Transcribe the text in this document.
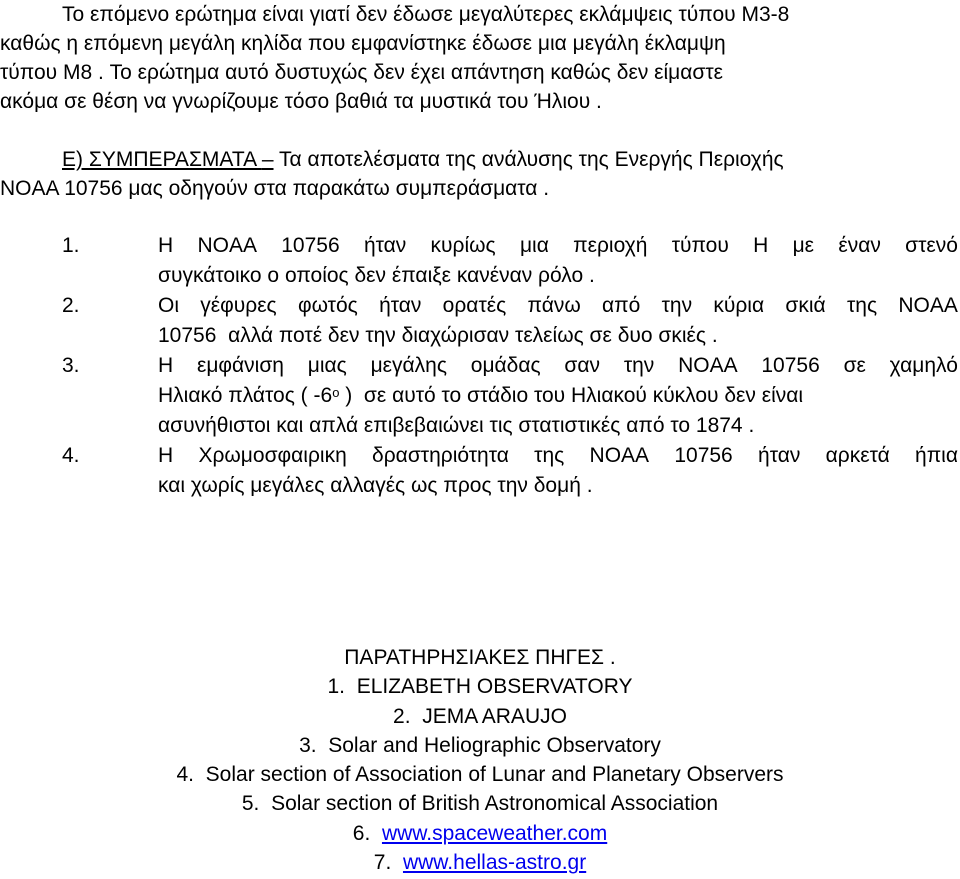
Το επόμενο ερώτημα είναι γιατί δεν έδωσε μεγαλύτερες εκλάμψεις τύπου M3-8
καθώς η επόμενη μεγάλη κηλίδα που εμφανίστηκε έδωσε μια μεγάλη έκλαμψη
τύπου M8 . Το ερώτημα αυτό δυστυχώς δεν έχει απάντηση καθώς δεν είμαστε
ακόμα σε θέση να γνωρίζουμε τόσο βαθιά τα μυστικά του Ήλιου .
Ε) ΣΥΜΠΕΡΑΣΜΑΤΑ – Τα αποτελέσματα της ανάλυσης της Ενεργής Περιοχής
NOAA 10756 μας οδηγούν στα παρακάτω συμπεράσματα .
1.	Η NOAA 10756 ήταν κυρίως μια περιοχή τύπου H με έναν στενό
συγκάτοικο ο οποίος δεν έπαιξε κανέναν ρόλο .
2.	Οι γέφυρες φωτός ήταν ορατές πάνω από την κύρια σκιά της NOAA
10756  αλλά ποτέ δεν την διαχώρισαν τελείως σε δυο σκιές .
3.	Η εμφάνιση μιας μεγάλης ομάδας σαν την NOAA 10756 σε χαμηλό
Ηλιακό πλάτος ( $-6^o$ )  σε αυτό το στάδιο του Ηλιακού κύκλου δεν είναι
ασυνήθιστοι και απλά επιβεβαιώνει τις στατιστικές από το 1874 .
4.	Η Χρωμοσφαιρικη δραστηριότητα της NOAA 10756 ήταν αρκετά ήπια
και χωρίς μεγάλες αλλαγές ως προς την δομή .
ΠΑΡΑΤΗΡΗΣΙΑΚΕΣ ΠΗΓΕΣ .
1.  ELIZABETH OBSERVATORY
2.  JEMA ARAUJO
3.  Solar and Heliographic Observatory
4.  Solar section of Association of Lunar and Planetary Observers
5.  Solar section of British Astronomical Association
6.  www.spaceweather.com
7.  www.hellas-astro.gr
